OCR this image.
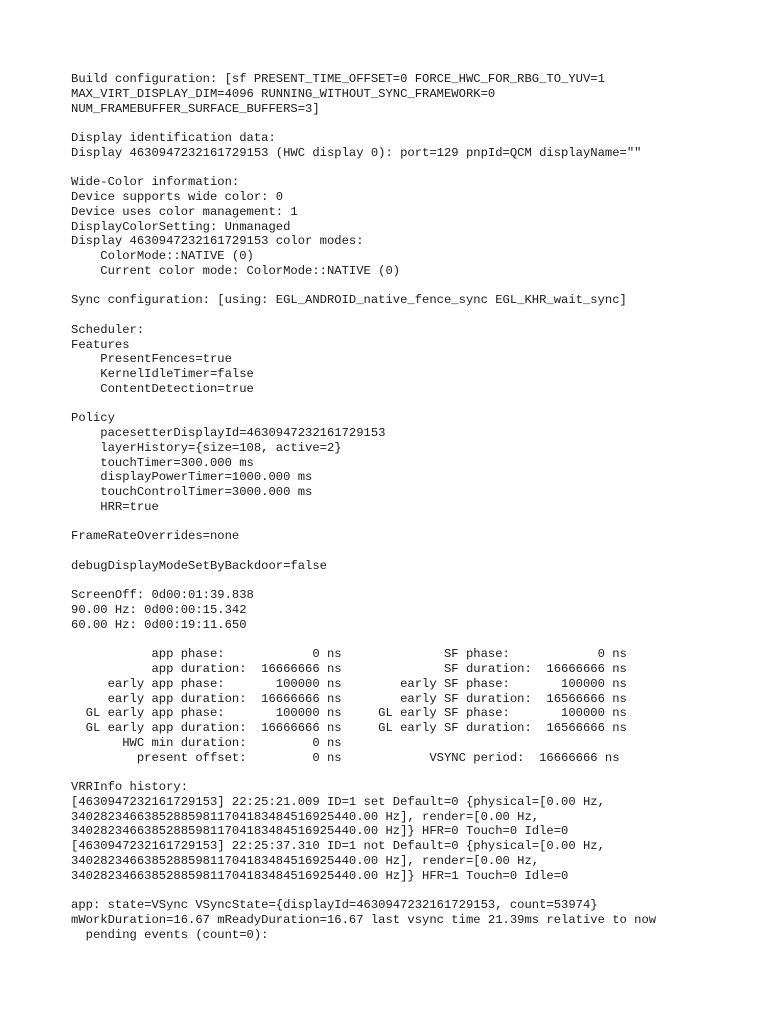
Build configuration: [sf PRESENT_TIME_OFFSET=0 FORCE_HWC_FOR_RBG_TO_YUV=1
MAX_VIRT_DISPLAY_DIM=4096 RUNNING_WITHOUT_SYNC_FRAMEWORK=0
NUM_FRAMEBUFFER_SURFACE_BUFFERS=3]
Display identification data:
Display 4630947232161729153 (HWC display 0): port=129 pnpId=QCM displayName=""
Wide-Color information:
Device supports wide color: 0
Device uses color management: 1
DisplayColorSetting: Unmanaged
Display 4630947232161729153 color modes:
ColorMode::NATIVE (0)
Current color mode: ColorMode::NATIVE (0)
Sync configuration: [using: EGL_ANDROID_native_fence_sync EGL_KHR_wait_sync]
Scheduler:
Features
PresentFences=true
KernelIdleTimer=false
ContentDetection=true
Policy
pacesetterDisplayId=4630947232161729153
layerHistory={size=108, active=2}
touchTimer=300.000 ms
displayPowerTimer=1000.000 ms
touchControlTimer=3000.000 ms
HRR=true
FrameRateOverrides=none
debugDisplayModeSetByBackdoor=false
ScreenOff: 0d00:01:39.838
90.00 Hz: 0d00:00:15.342
60.00 Hz: 0d00:19:11.650
app phase:            0 ns              SF phase:            0 ns
app duration:  16666666 ns              SF duration:  16666666 ns
early app phase:       100000 ns        early SF phase:       100000 ns
early app duration:  16666666 ns        early SF duration:  16566666 ns
GL early app phase:       100000 ns     GL early SF phase:       100000 ns
GL early app duration:  16666666 ns     GL early SF duration:  16566666 ns
HWC min duration:         0 ns
present offset:         0 ns            VSYNC period:  16666666 ns
VRRInfo history:
[4630947232161729153] 22:25:21.009 ID=1 set Default=0 {physical=[0.00 Hz,
340282346638528859811704183484516925440.00 Hz], render=[0.00 Hz,
340282346638528859811704183484516925440.00 Hz]} HFR=0 Touch=0 Idle=0
[4630947232161729153] 22:25:37.310 ID=1 not Default=0 {physical=[0.00 Hz,
340282346638528859811704183484516925440.00 Hz], render=[0.00 Hz,
340282346638528859811704183484516925440.00 Hz]} HFR=1 Touch=0 Idle=0
app: state=VSync VSyncState={displayId=4630947232161729153, count=53974}
mWorkDuration=16.67 mReadyDuration=16.67 last vsync time 21.39ms relative to now
pending events (count=0):
